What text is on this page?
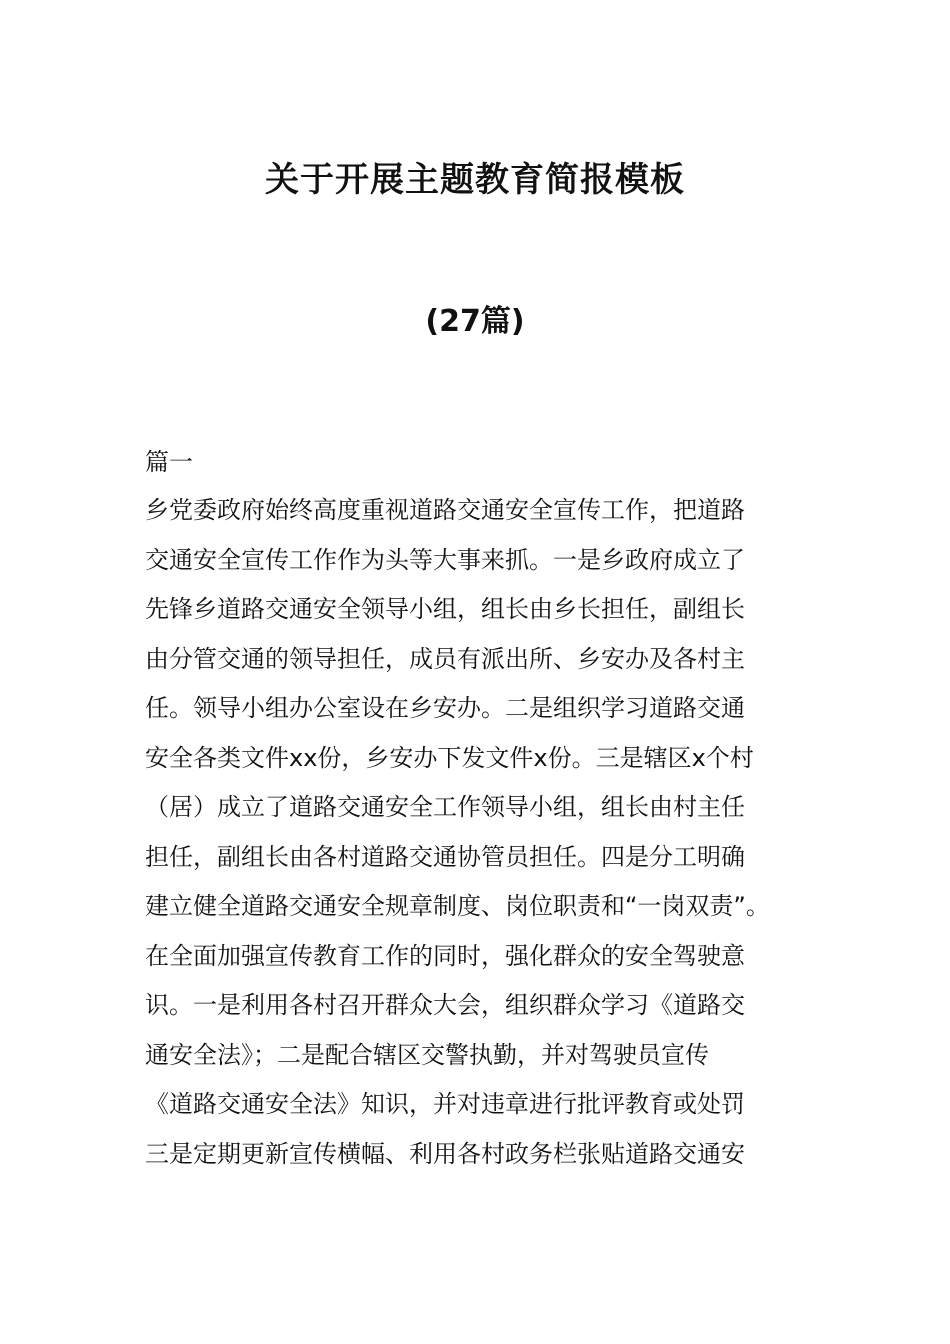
关于开展主题教育简报模板
(27篇)
篇一
乡党委政府始终高度重视道路交通安全宣传工作，把道路
交通安全宣传工作作为头等大事来抓。一是乡政府成立了
先锋乡道路交通安全领导小组，组长由乡长担任，副组长
由分管交通的领导担任，成员有派出所、乡安办及各村主
任。领导小组办公室设在乡安办。二是组织学习道路交通
安全各类文件xx份，乡安办下发文件x份。三是辖区x个村
（居）成立了道路交通安全工作领导小组，组长由村主任
担任，副组长由各村道路交通协管员担任。四是分工明确
建立健全道路交通安全规章制度、岗位职责和“一岗双责”。
在全面加强宣传教育工作的同时，强化群众的安全驾驶意
识。一是利用各村召开群众大会，组织群众学习《道路交
通安全法》；二是配合辖区交警执勤，并对驾驶员宣传
《道路交通安全法》知识，并对违章进行批评教育或处罚
三是定期更新宣传横幅、利用各村政务栏张贴道路交通安
